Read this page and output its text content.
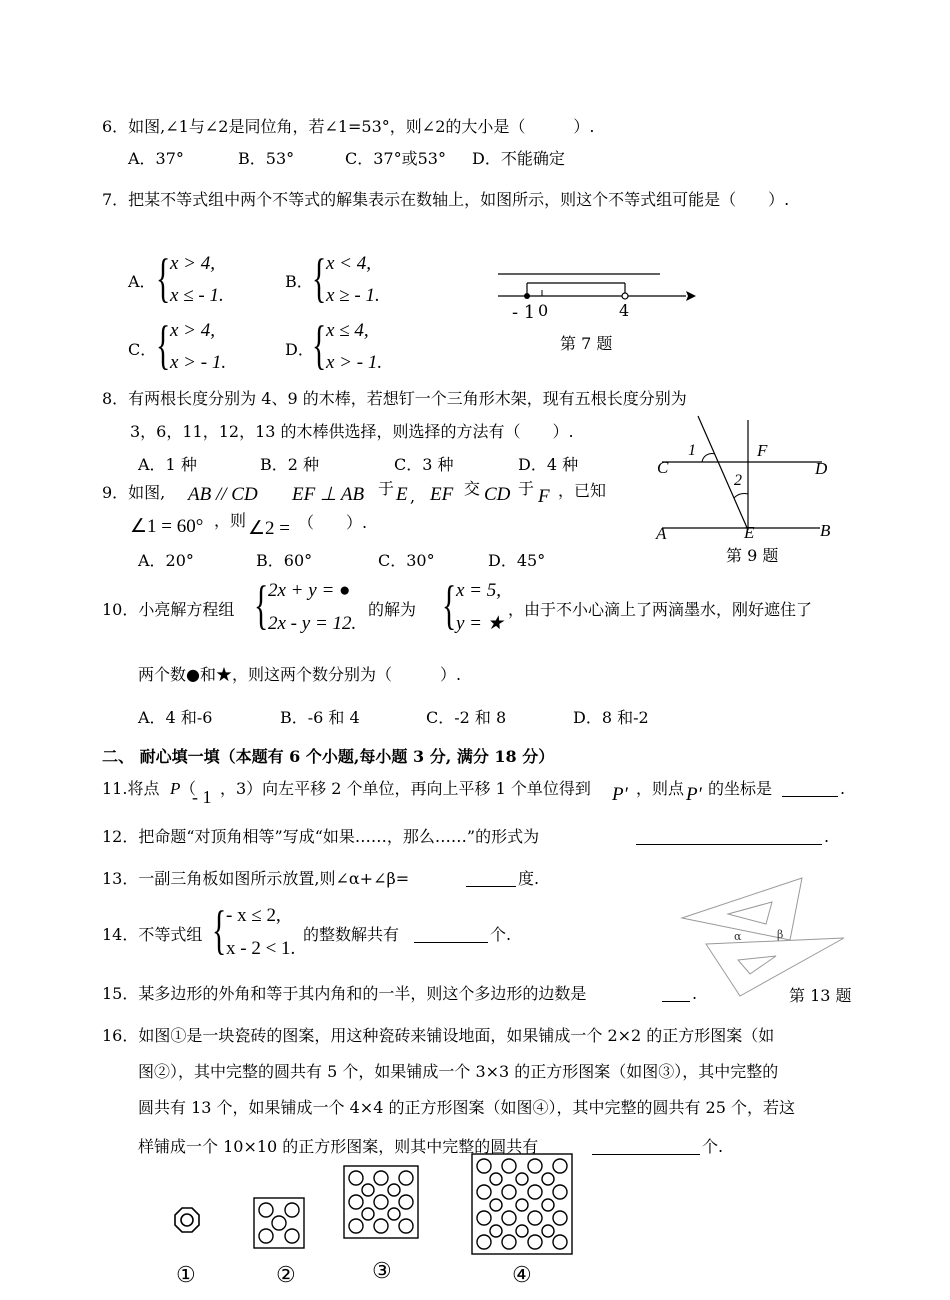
6．如图,∠1与∠2是同位角，若∠1=53°，则∠2的大小是（　　　）.
A．37°	B．53°	C．37°或53° D．不能确定
7．把某不等式组中两个不等式的解集表示在数轴上，如图所示，则这个不等式组可能是（　　）.
A． { x > 4,
x ≤ - 1.
B． { x < 4,
x ≥ - 1.
C． { x > 4,
x > - 1.
D．
{ x ≤ 4,
x > - 1.
- 1 0	4
第 7 题
8．有两根长度分别为 4、9 的木棒，若想钉一个三角形木架，现有五根长度分别为
3，6，11，12，13 的木棒供选择，则选择的方法有（　　）.
A．1 种	B．2 种	C．3 种	D．4 种
1
2
C	D
F
A	E	B
第 9 题
9．如图, AB // CD EF ⊥ AB 于 E , EF 交 CD 于 F ，已知
∠1 = 60° ，则 ∠2 = （　　）.
A．20°	B．60°	C．30°	D．45°
10．小亮解方程组 { 2x + y = ●
2x - y = 12.
的解为 { x = 5,
y = ★
，由于不小心滴上了两滴墨水，刚好遮住了
两个数●和★，则这两个数分别为（　　　）.
A．4 和-6	B．-6 和 4	C．-2 和 8	D．8 和-2
二、 耐心填一填（本题有 6 个小题,每小题 3 分, 满分 18 分）
11.将点 P （
- 1 ，3）向左平移 2 个单位，再向上平移 1 个单位得到 P′ ，则点 P′ 的坐标是	.
12．把命题“对顶角相等”写成“如果……，那么……”的形式为	.
13．一副三角板如图所示放置,则∠α+∠β=	度.
α	β
第 13 题
14．不等式组 { - x ≤ 2,
x - 2 < 1.
的整数解共有	个.
15．某多边形的外角和等于其内角和的一半，则这个多边形的边数是	.
16．如图①是一块瓷砖的图案，用这种瓷砖来铺设地面，如果铺成一个 2×2 的正方形图案（如
图②），其中完整的圆共有 5 个，如果铺成一个 3×3 的正方形图案（如图③），其中完整的
圆共有 13 个，如果铺成一个 4×4 的正方形图案（如图④），其中完整的圆共有 25 个，若这
样铺成一个 10×10 的正方形图案，则其中完整的圆共有	个.
①	②	③	④
